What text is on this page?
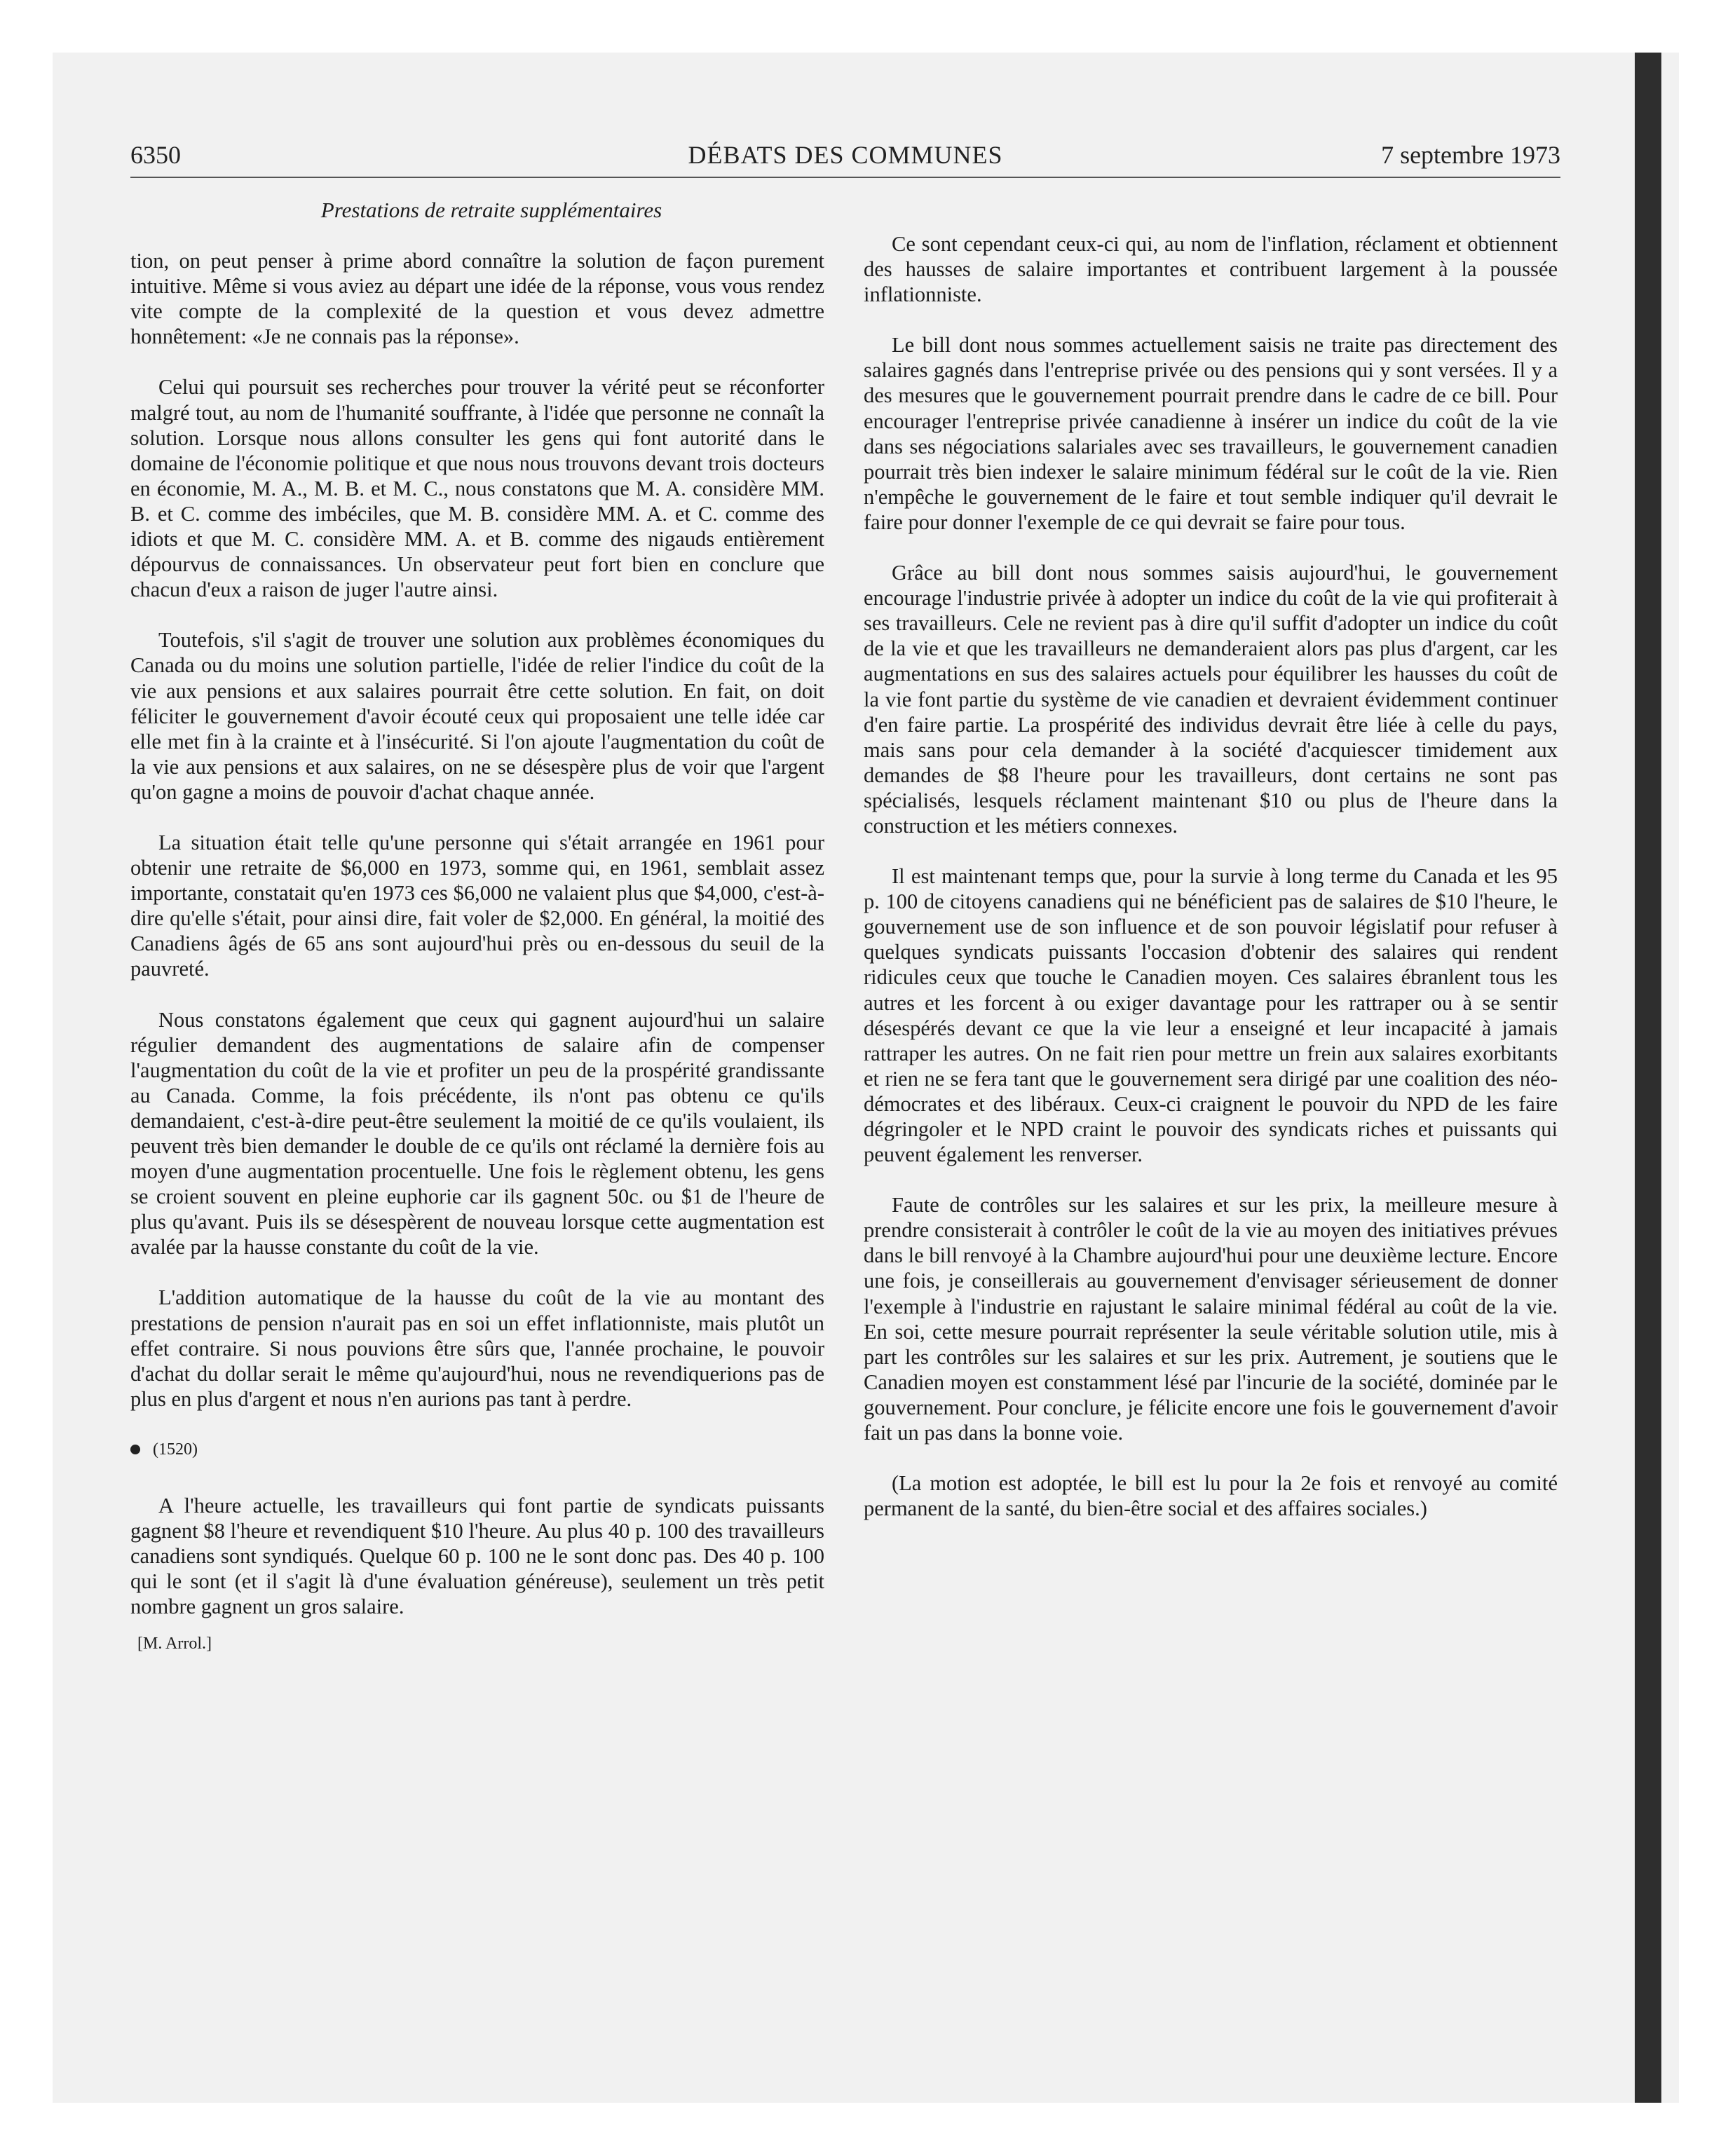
6350	DÉBATS DES COMMUNES	7 septembre 1973

Prestations de retraite supplémentaires

tion, on peut penser à prime abord connaître la solution de façon purement intuitive. Même si vous aviez au départ une idée de la réponse, vous vous rendez vite compte de la complexité de la question et vous devez admettre honnêtement: «Je ne connais pas la réponse».

Celui qui poursuit ses recherches pour trouver la vérité peut se réconforter malgré tout, au nom de l'humanité souffrante, à l'idée que personne ne connaît la solution. Lorsque nous allons consulter les gens qui font autorité dans le domaine de l'économie politique et que nous nous trouvons devant trois docteurs en économie, M. A., M. B. et M. C., nous constatons que M. A. considère MM. B. et C. comme des imbéciles, que M. B. considère MM. A. et C. comme des idiots et que M. C. considère MM. A. et B. comme des nigauds entièrement dépourvus de connaissances. Un observateur peut fort bien en conclure que chacun d'eux a raison de juger l'autre ainsi.

Toutefois, s'il s'agit de trouver une solution aux problèmes économiques du Canada ou du moins une solution partielle, l'idée de relier l'indice du coût de la vie aux pensions et aux salaires pourrait être cette solution. En fait, on doit féliciter le gouvernement d'avoir écouté ceux qui proposaient une telle idée car elle met fin à la crainte et à l'insécurité. Si l'on ajoute l'augmentation du coût de la vie aux pensions et aux salaires, on ne se désespère plus de voir que l'argent qu'on gagne a moins de pouvoir d'achat chaque année.

La situation était telle qu'une personne qui s'était arrangée en 1961 pour obtenir une retraite de $6,000 en 1973, somme qui, en 1961, semblait assez importante, constatait qu'en 1973 ces $6,000 ne valaient plus que $4,000, c'est-à-dire qu'elle s'était, pour ainsi dire, fait voler de $2,000. En général, la moitié des Canadiens âgés de 65 ans sont aujourd'hui près ou en-dessous du seuil de la pauvreté.

Nous constatons également que ceux qui gagnent aujourd'hui un salaire régulier demandent des augmentations de salaire afin de compenser l'augmentation du coût de la vie et profiter un peu de la prospérité grandissante au Canada. Comme, la fois précédente, ils n'ont pas obtenu ce qu'ils demandaient, c'est-à-dire peut-être seulement la moitié de ce qu'ils voulaient, ils peuvent très bien demander le double de ce qu'ils ont réclamé la dernière fois au moyen d'une augmentation procentuelle. Une fois le règlement obtenu, les gens se croient souvent en pleine euphorie car ils gagnent 50c. ou $1 de l'heure de plus qu'avant. Puis ils se désespèrent de nouveau lorsque cette augmentation est avalée par la hausse constante du coût de la vie.

L'addition automatique de la hausse du coût de la vie au montant des prestations de pension n'aurait pas en soi un effet inflationniste, mais plutôt un effet contraire. Si nous pouvions être sûrs que, l'année prochaine, le pouvoir d'achat du dollar serait le même qu'aujourd'hui, nous ne revendiquerions pas de plus en plus d'argent et nous n'en aurions pas tant à perdre.

(1520)

A l'heure actuelle, les travailleurs qui font partie de syndicats puissants gagnent $8 l'heure et revendiquent $10 l'heure. Au plus 40 p. 100 des travailleurs canadiens sont syndiqués. Quelque 60 p. 100 ne le sont donc pas. Des 40 p. 100 qui le sont (et il s'agit là d'une évaluation généreuse), seulement un très petit nombre gagnent un gros salaire.

[M. Arrol.]

Ce sont cependant ceux-ci qui, au nom de l'inflation, réclament et obtiennent des hausses de salaire importantes et contribuent largement à la poussée inflationniste.

Le bill dont nous sommes actuellement saisis ne traite pas directement des salaires gagnés dans l'entreprise privée ou des pensions qui y sont versées. Il y a des mesures que le gouvernement pourrait prendre dans le cadre de ce bill. Pour encourager l'entreprise privée canadienne à insérer un indice du coût de la vie dans ses négociations salariales avec ses travailleurs, le gouvernement canadien pourrait très bien indexer le salaire minimum fédéral sur le coût de la vie. Rien n'empêche le gouvernement de le faire et tout semble indiquer qu'il devrait le faire pour donner l'exemple de ce qui devrait se faire pour tous.

Grâce au bill dont nous sommes saisis aujourd'hui, le gouvernement encourage l'industrie privée à adopter un indice du coût de la vie qui profiterait à ses travailleurs. Cele ne revient pas à dire qu'il suffit d'adopter un indice du coût de la vie et que les travailleurs ne demanderaient alors pas plus d'argent, car les augmentations en sus des salaires actuels pour équilibrer les hausses du coût de la vie font partie du système de vie canadien et devraient évidemment continuer d'en faire partie. La prospérité des individus devrait être liée à celle du pays, mais sans pour cela demander à la société d'acquiescer timidement aux demandes de $8 l'heure pour les travailleurs, dont certains ne sont pas spécialisés, lesquels réclament maintenant $10 ou plus de l'heure dans la construction et les métiers connexes.

Il est maintenant temps que, pour la survie à long terme du Canada et les 95 p. 100 de citoyens canadiens qui ne bénéficient pas de salaires de $10 l'heure, le gouvernement use de son influence et de son pouvoir législatif pour refuser à quelques syndicats puissants l'occasion d'obtenir des salaires qui rendent ridicules ceux que touche le Canadien moyen. Ces salaires ébranlent tous les autres et les forcent à ou exiger davantage pour les rattraper ou à se sentir désespérés devant ce que la vie leur a enseigné et leur incapacité à jamais rattraper les autres. On ne fait rien pour mettre un frein aux salaires exorbitants et rien ne se fera tant que le gouvernement sera dirigé par une coalition des néo-démocrates et des libéraux. Ceux-ci craignent le pouvoir du NPD de les faire dégringoler et le NPD craint le pouvoir des syndicats riches et puissants qui peuvent également les renverser.

Faute de contrôles sur les salaires et sur les prix, la meilleure mesure à prendre consisterait à contrôler le coût de la vie au moyen des initiatives prévues dans le bill renvoyé à la Chambre aujourd'hui pour une deuxième lecture. Encore une fois, je conseillerais au gouvernement d'envisager sérieusement de donner l'exemple à l'industrie en rajustant le salaire minimal fédéral au coût de la vie. En soi, cette mesure pourrait représenter la seule véritable solution utile, mis à part les contrôles sur les salaires et sur les prix. Autrement, je soutiens que le Canadien moyen est constamment lésé par l'incurie de la société, dominée par le gouvernement. Pour conclure, je félicite encore une fois le gouvernement d'avoir fait un pas dans la bonne voie.

(La motion est adoptée, le bill est lu pour la 2e fois et renvoyé au comité permanent de la santé, du bien-être social et des affaires sociales.)
